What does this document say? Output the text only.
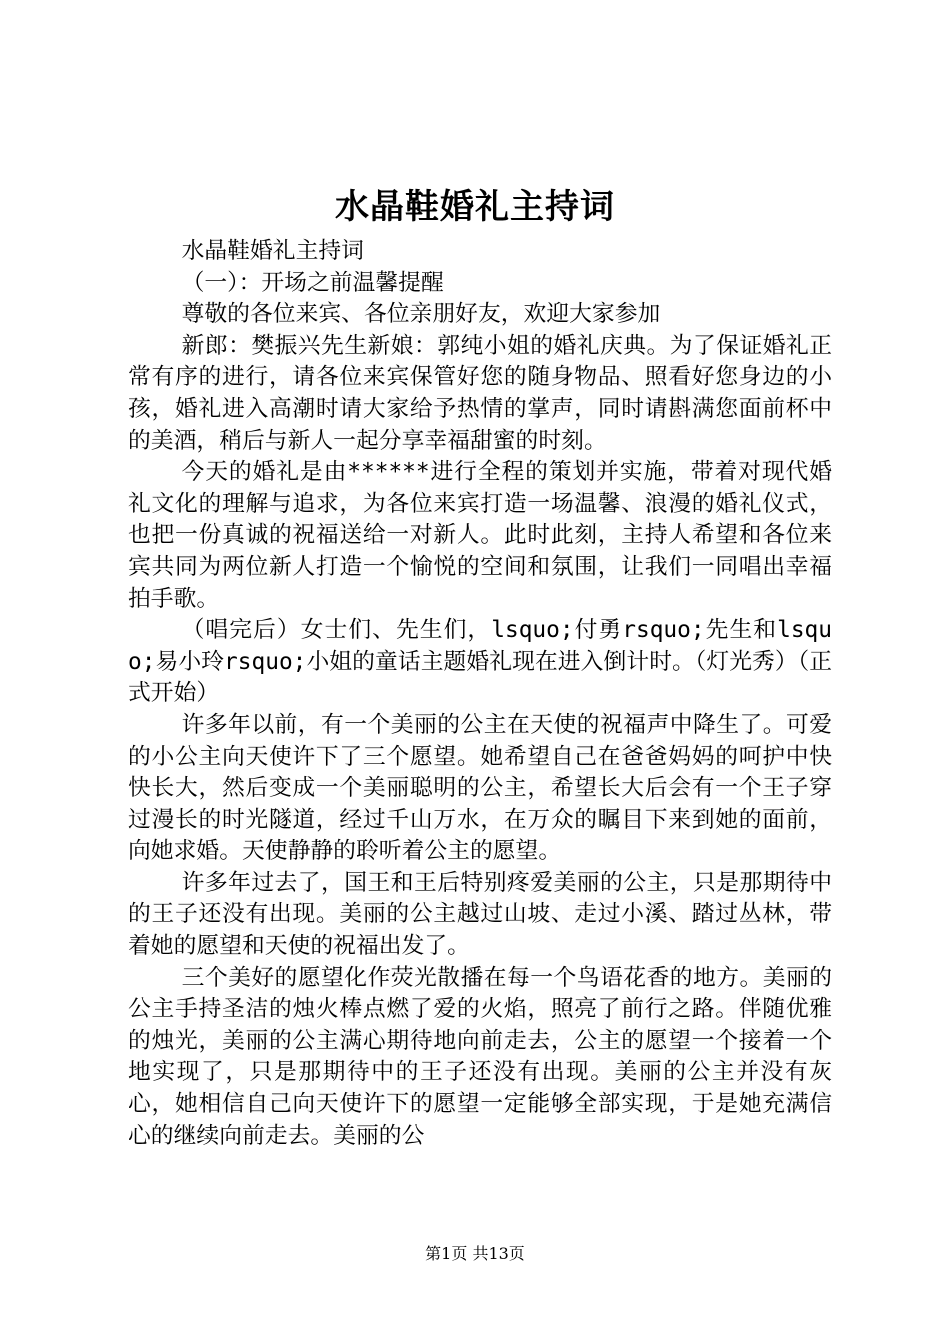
水晶鞋婚礼主持词

水晶鞋婚礼主持词

（一）：开场之前温馨提醒

尊敬的各位来宾、各位亲朋好友，欢迎大家参加

新郎：樊振兴先生新娘：郭纯小姐的婚礼庆典。为了保证婚礼正常有序的进行，请各位来宾保管好您的随身物品、照看好您身边的小孩，婚礼进入高潮时请大家给予热情的掌声，同时请斟满您面前杯中的美酒，稍后与新人一起分享幸福甜蜜的时刻。

今天的婚礼是由******进行全程的策划并实施，带着对现代婚礼文化的理解与追求，为各位来宾打造一场温馨、浪漫的婚礼仪式，也把一份真诚的祝福送给一对新人。此时此刻，主持人希望和各位来宾共同为两位新人打造一个愉悦的空间和氛围，让我们一同唱出幸福拍手歌。

（唱完后）女士们、先生们，lsquo;付勇rsquo;先生和lsquo;易小玲rsquo;小姐的童话主题婚礼现在进入倒计时。（灯光秀）（正式开始）

许多年以前，有一个美丽的公主在天使的祝福声中降生了。可爱的小公主向天使许下了三个愿望。她希望自己在爸爸妈妈的呵护中快快长大，然后变成一个美丽聪明的公主，希望长大后会有一个王子穿过漫长的时光隧道，经过千山万水，在万众的瞩目下来到她的面前，向她求婚。天使静静的聆听着公主的愿望。

许多年过去了，国王和王后特别疼爱美丽的公主，只是那期待中的王子还没有出现。美丽的公主越过山坡、走过小溪、踏过丛林，带着她的愿望和天使的祝福出发了。

三个美好的愿望化作荧光散播在每一个鸟语花香的地方。美丽的公主手持圣洁的烛火棒点燃了爱的火焰，照亮了前行之路。伴随优雅的烛光，美丽的公主满心期待地向前走去，公主的愿望一个接着一个地实现了，只是那期待中的王子还没有出现。美丽的公主并没有灰心，她相信自己向天使许下的愿望一定能够全部实现，于是她充满信心的继续向前走去。美丽的公

第1页 共13页
